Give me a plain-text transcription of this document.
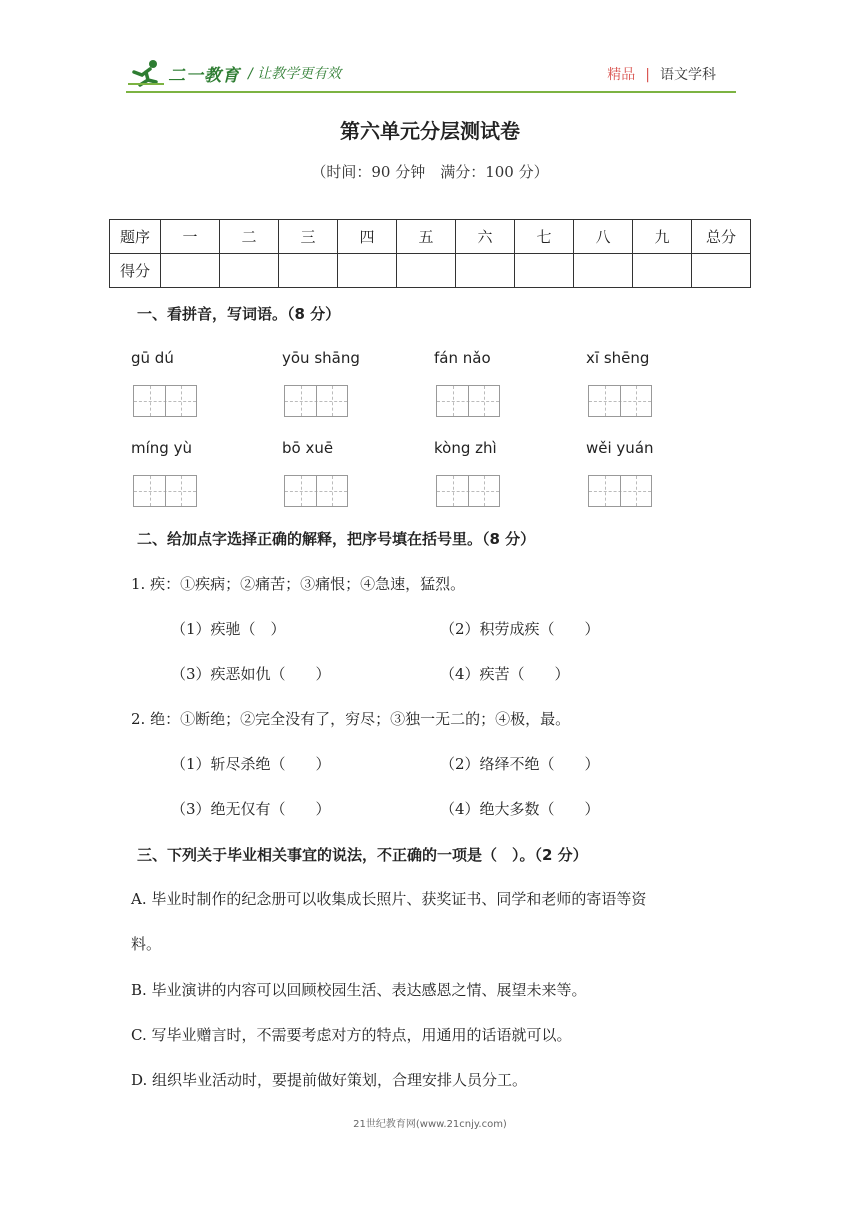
二一教育 / 让教学更有效	精品 | 语文学科
第六单元分层测试卷
（时间：90 分钟　满分：100 分）
题序	一	二	三	四	五	六	七	八	九	总分
得分										
一、看拼音，写词语。（8 分）
gū dú	yōu shāng	fán nǎo	xī shēng
míng yù	bō xuē	kòng zhì	wěi yuán
二、给加点字选择正确的解释，把序号填在括号里。（8 分）
1. 疾：①疾病；②痛苦；③痛恨；④急速，猛烈。
（1）疾驰（　）	（2）积劳成疾（　　）
（3）疾恶如仇（　　）	（4）疾苦（　　）
2. 绝：①断绝；②完全没有了，穷尽；③独一无二的；④极，最。
（1）斩尽杀绝（　　）	（2）络绎不绝（　　）
（3）绝无仅有（　　）	（4）绝大多数（　　）
三、下列关于毕业相关事宜的说法，不正确的一项是（　）。（2 分）
A. 毕业时制作的纪念册可以收集成长照片、获奖证书、同学和老师的寄语等资
料。
B. 毕业演讲的内容可以回顾校园生活、表达感恩之情、展望未来等。
C. 写毕业赠言时，不需要考虑对方的特点，用通用的话语就可以。
D. 组织毕业活动时，要提前做好策划，合理安排人员分工。
21世纪教育网(www.21cnjy.com)
